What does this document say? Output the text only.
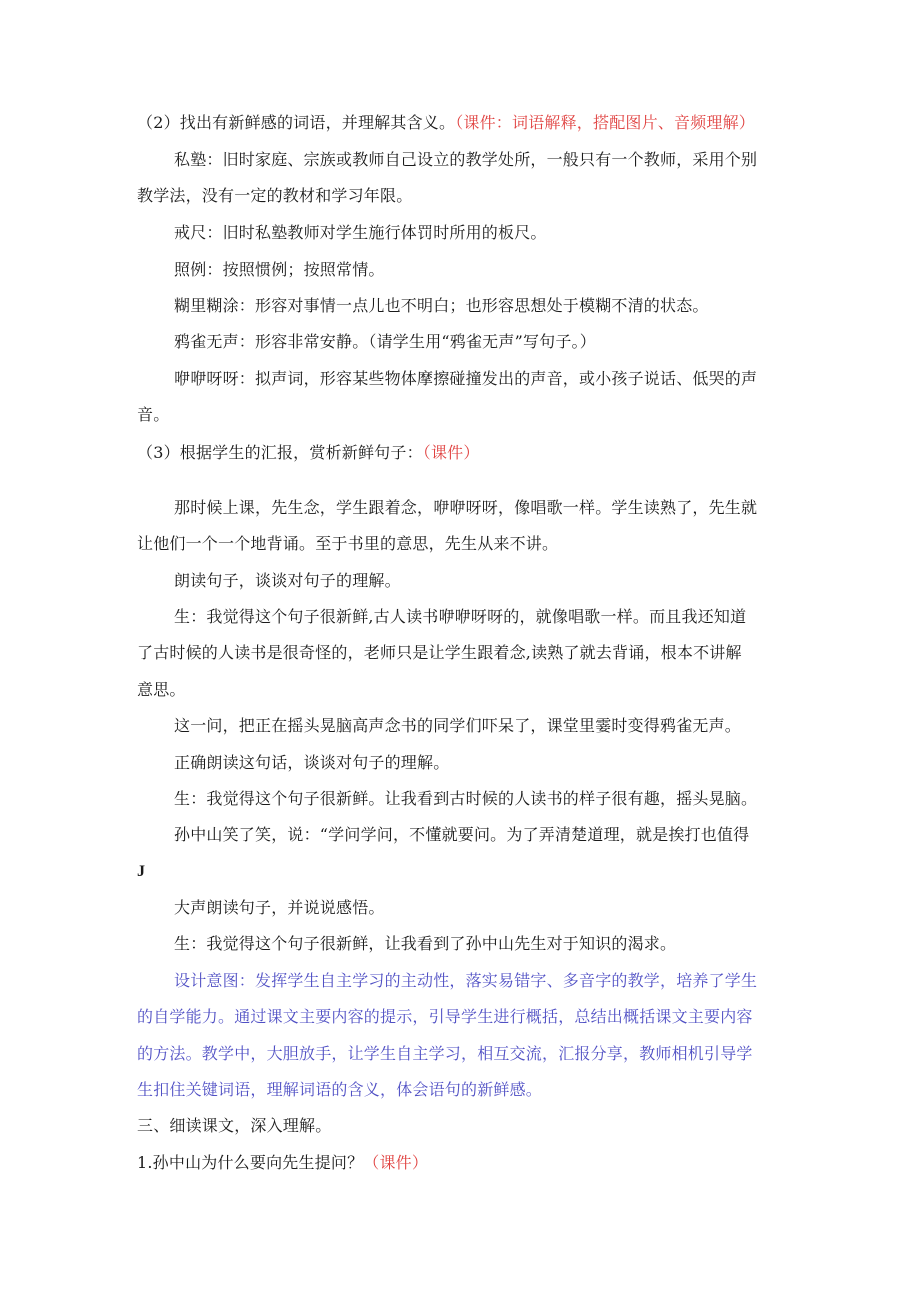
（2）找出有新鲜感的词语，并理解其含义。（课件：词语解释，搭配图片、音频理解）
私塾：旧时家庭、宗族或教师自己设立的教学处所，一般只有一个教师，采用个别
教学法，没有一定的教材和学习年限。
戒尺：旧时私塾教师对学生施行体罚时所用的板尺。
照例：按照惯例；按照常情。
糊里糊涂：形容对事情一点儿也不明白；也形容思想处于模糊不清的状态。
鸦雀无声：形容非常安静。（请学生用“鸦雀无声”写句子。）
咿咿呀呀：拟声词，形容某些物体摩擦碰撞发出的声音，或小孩子说话、低哭的声
音。
（3）根据学生的汇报，赏析新鲜句子：（课件）
那时候上课，先生念，学生跟着念，咿咿呀呀，像唱歌一样。学生读熟了，先生就
让他们一个一个地背诵。至于书里的意思，先生从来不讲。
朗读句子，谈谈对句子的理解。
生：我觉得这个句子很新鲜,古人读书咿咿呀呀的，就像唱歌一样。而且我还知道
了古时候的人读书是很奇怪的，老师只是让学生跟着念,读熟了就去背诵，根本不讲解
意思。
这一问，把正在摇头晃脑高声念书的同学们吓呆了，课堂里霎时变得鸦雀无声。
正确朗读这句话，谈谈对句子的理解。
生：我觉得这个句子很新鲜。让我看到古时候的人读书的样子很有趣，摇头晃脑。
孙中山笑了笑，说：“学问学问，不懂就要问。为了弄清楚道理，就是挨打也值得
J
大声朗读句子，并说说感悟。
生：我觉得这个句子很新鲜，让我看到了孙中山先生对于知识的渴求。
设计意图：发挥学生自主学习的主动性，落实易错字、多音字的教学，培养了学生
的自学能力。通过课文主要内容的提示，引导学生进行概括，总结出概括课文主要内容
的方法。教学中，大胆放手，让学生自主学习，相互交流，汇报分享，教师相机引导学
生扣住关键词语，理解词语的含义，体会语句的新鲜感。
三、细读课文，深入理解。
1.孙中山为什么要向先生提问？（课件）
